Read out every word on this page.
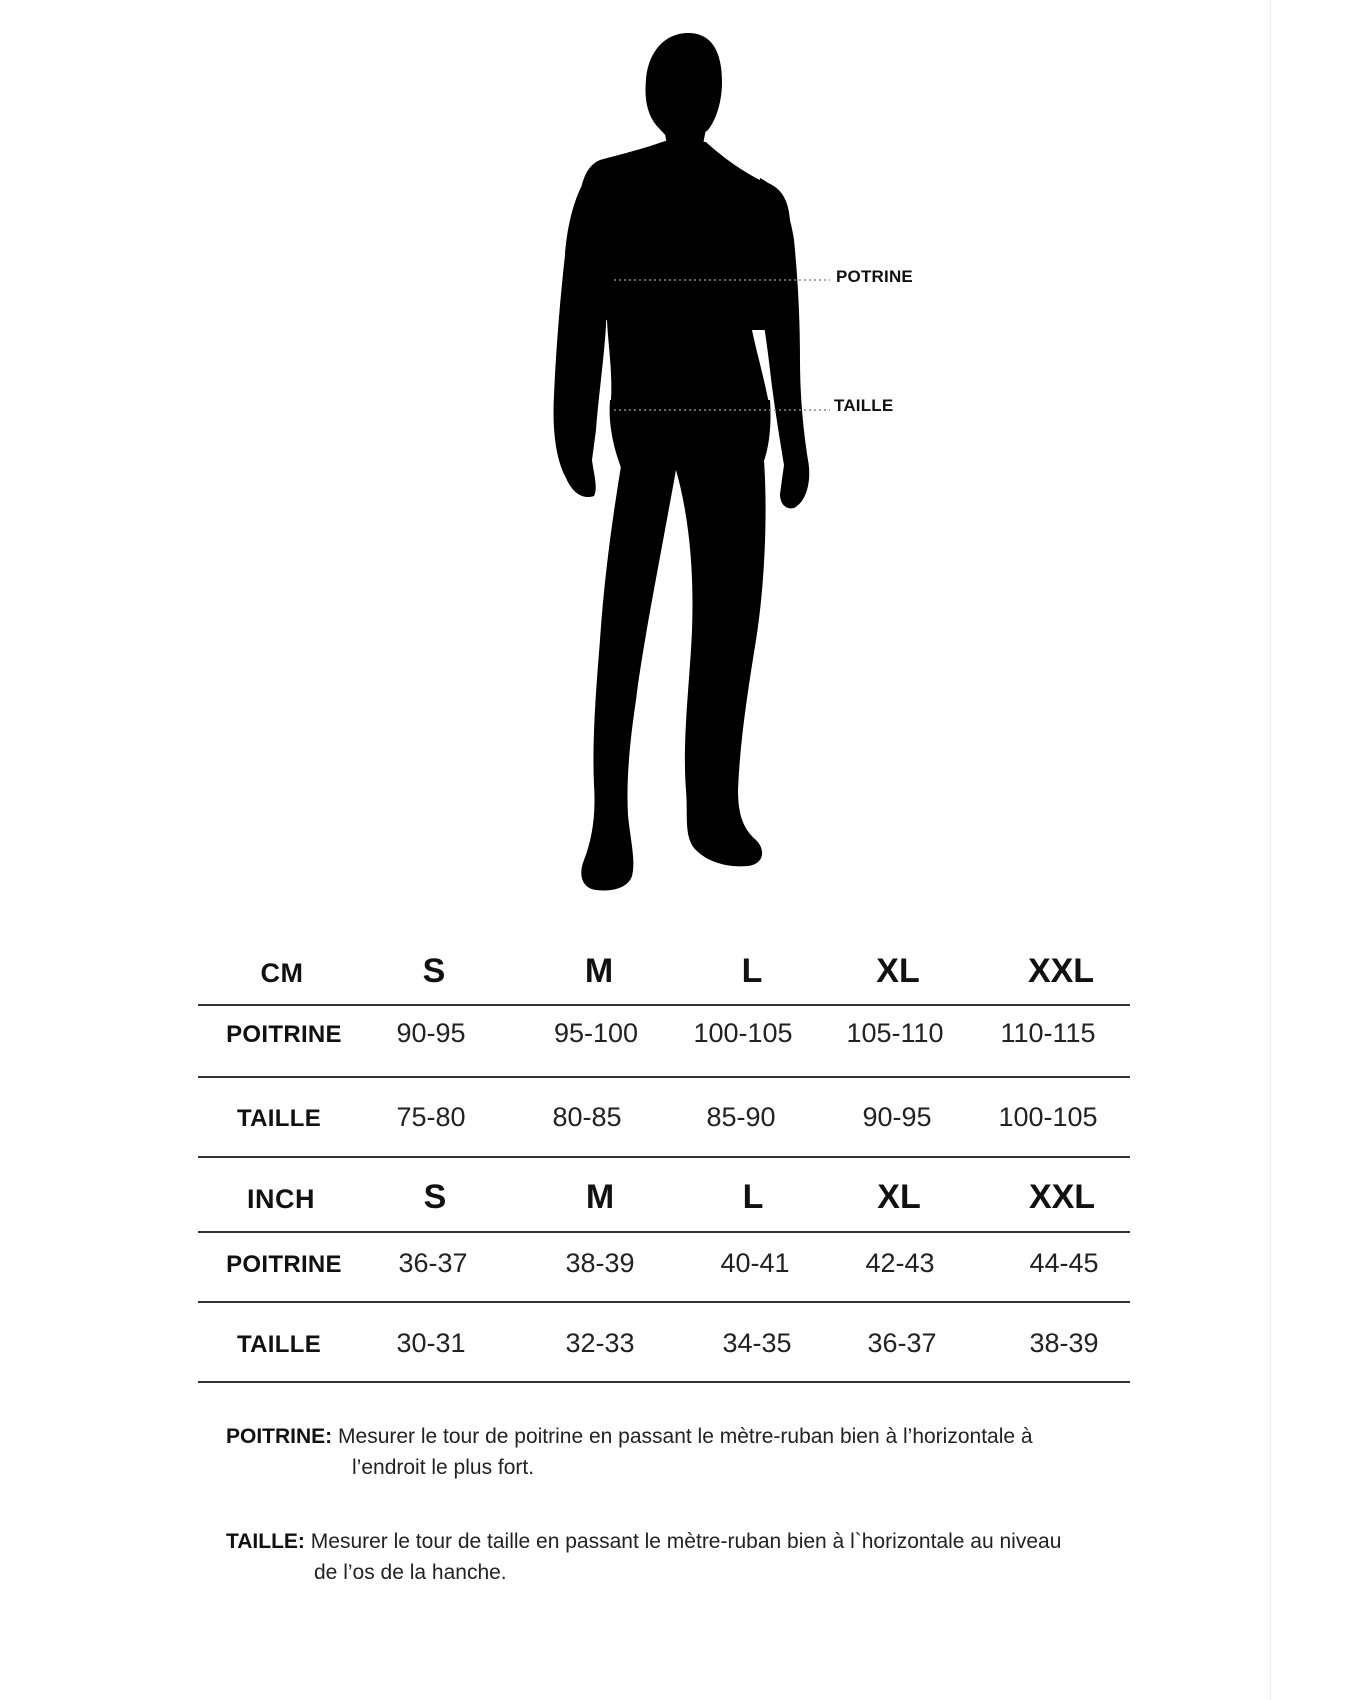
POTRINE
TAILLE
CM	S	M	L	XL	XXL
POITRINE 90-95	95-100 100-105 105-110 110-115
TAILLE	75-80	80-85	85-90	90-95 100-105
INCH	S	M	L	XL	XXL
POITRINE 36-37	38-39	40-41	42-43	44-45
TAILLE	30-31	32-33	34-35	36-37	38-39
POITRINE: Mesurer le tour de poitrine en passant le mètre-ruban bien à l’horizontale à
l’endroit le plus fort.
TAILLE: Mesurer le tour de taille en passant le mètre-ruban bien à l`horizontale au niveau
de l’os de la hanche.
